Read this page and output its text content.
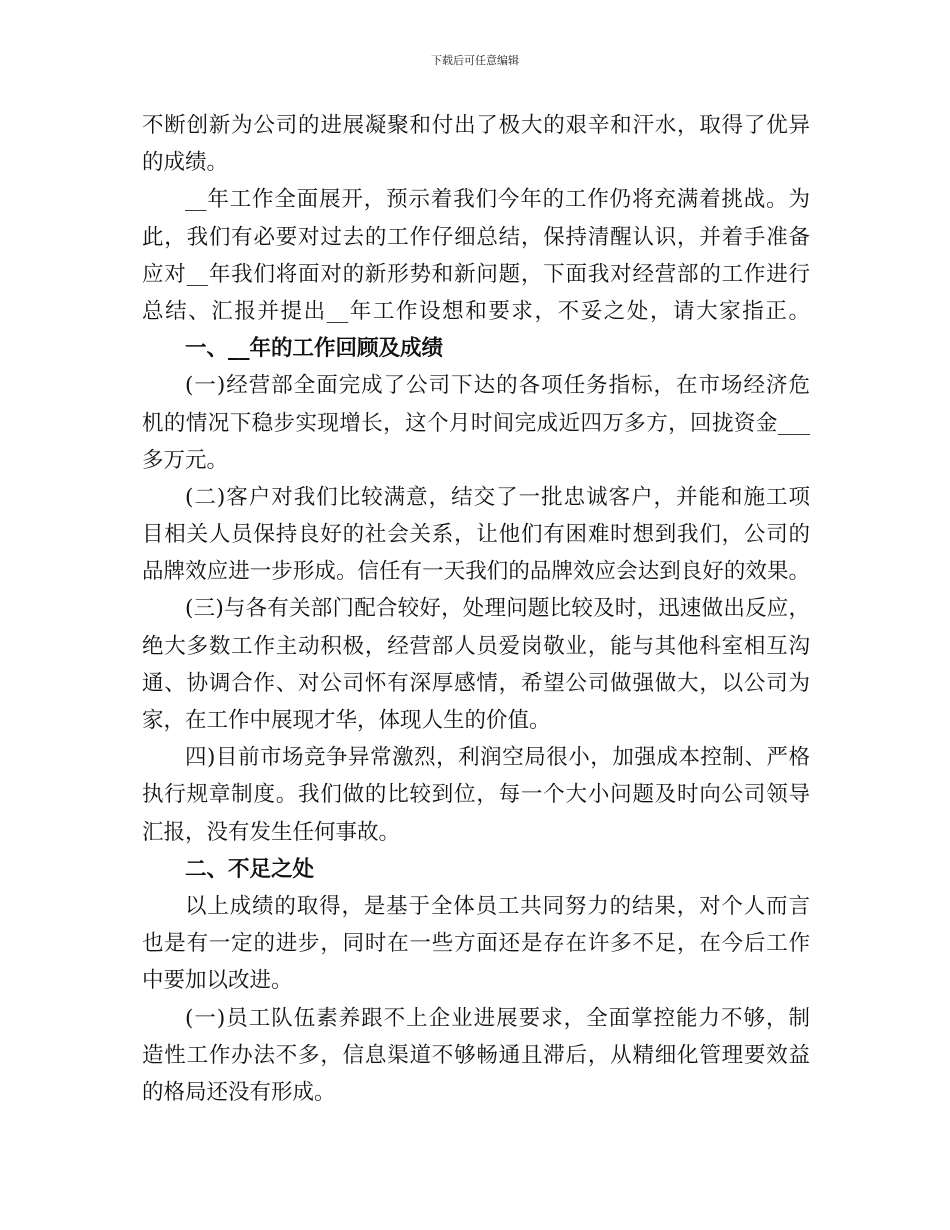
下载后可任意编辑
不断创新为公司的进展凝聚和付出了极大的艰辛和汗水，取得了优异
的成绩。
__年工作全面展开，预示着我们今年的工作仍将充满着挑战。为
此，我们有必要对过去的工作仔细总结，保持清醒认识，并着手准备
应对__年我们将面对的新形势和新问题，下面我对经营部的工作进行
总结、汇报并提出__年工作设想和要求，不妥之处，请大家指正。
一、__年的工作回顾及成绩
(一)经营部全面完成了公司下达的各项任务指标，在市场经济危
机的情况下稳步实现增长，这个月时间完成近四万多方，回拢资金___
多万元。
(二)客户对我们比较满意，结交了一批忠诚客户，并能和施工项
目相关人员保持良好的社会关系，让他们有困难时想到我们，公司的
品牌效应进一步形成。信任有一天我们的品牌效应会达到良好的效果。
(三)与各有关部门配合较好，处理问题比较及时，迅速做出反应，
绝大多数工作主动积极，经营部人员爱岗敬业，能与其他科室相互沟
通、协调合作、对公司怀有深厚感情，希望公司做强做大，以公司为
家，在工作中展现才华，体现人生的价值。
四)目前市场竞争异常激烈，利润空局很小，加强成本控制、严格
执行规章制度。我们做的比较到位，每一个大小问题及时向公司领导
汇报，没有发生任何事故。
二、不足之处
以上成绩的取得，是基于全体员工共同努力的结果，对个人而言
也是有一定的进步，同时在一些方面还是存在许多不足，在今后工作
中要加以改进。
(一)员工队伍素养跟不上企业进展要求，全面掌控能力不够，制
造性工作办法不多，信息渠道不够畅通且滞后，从精细化管理要效益
的格局还没有形成。
